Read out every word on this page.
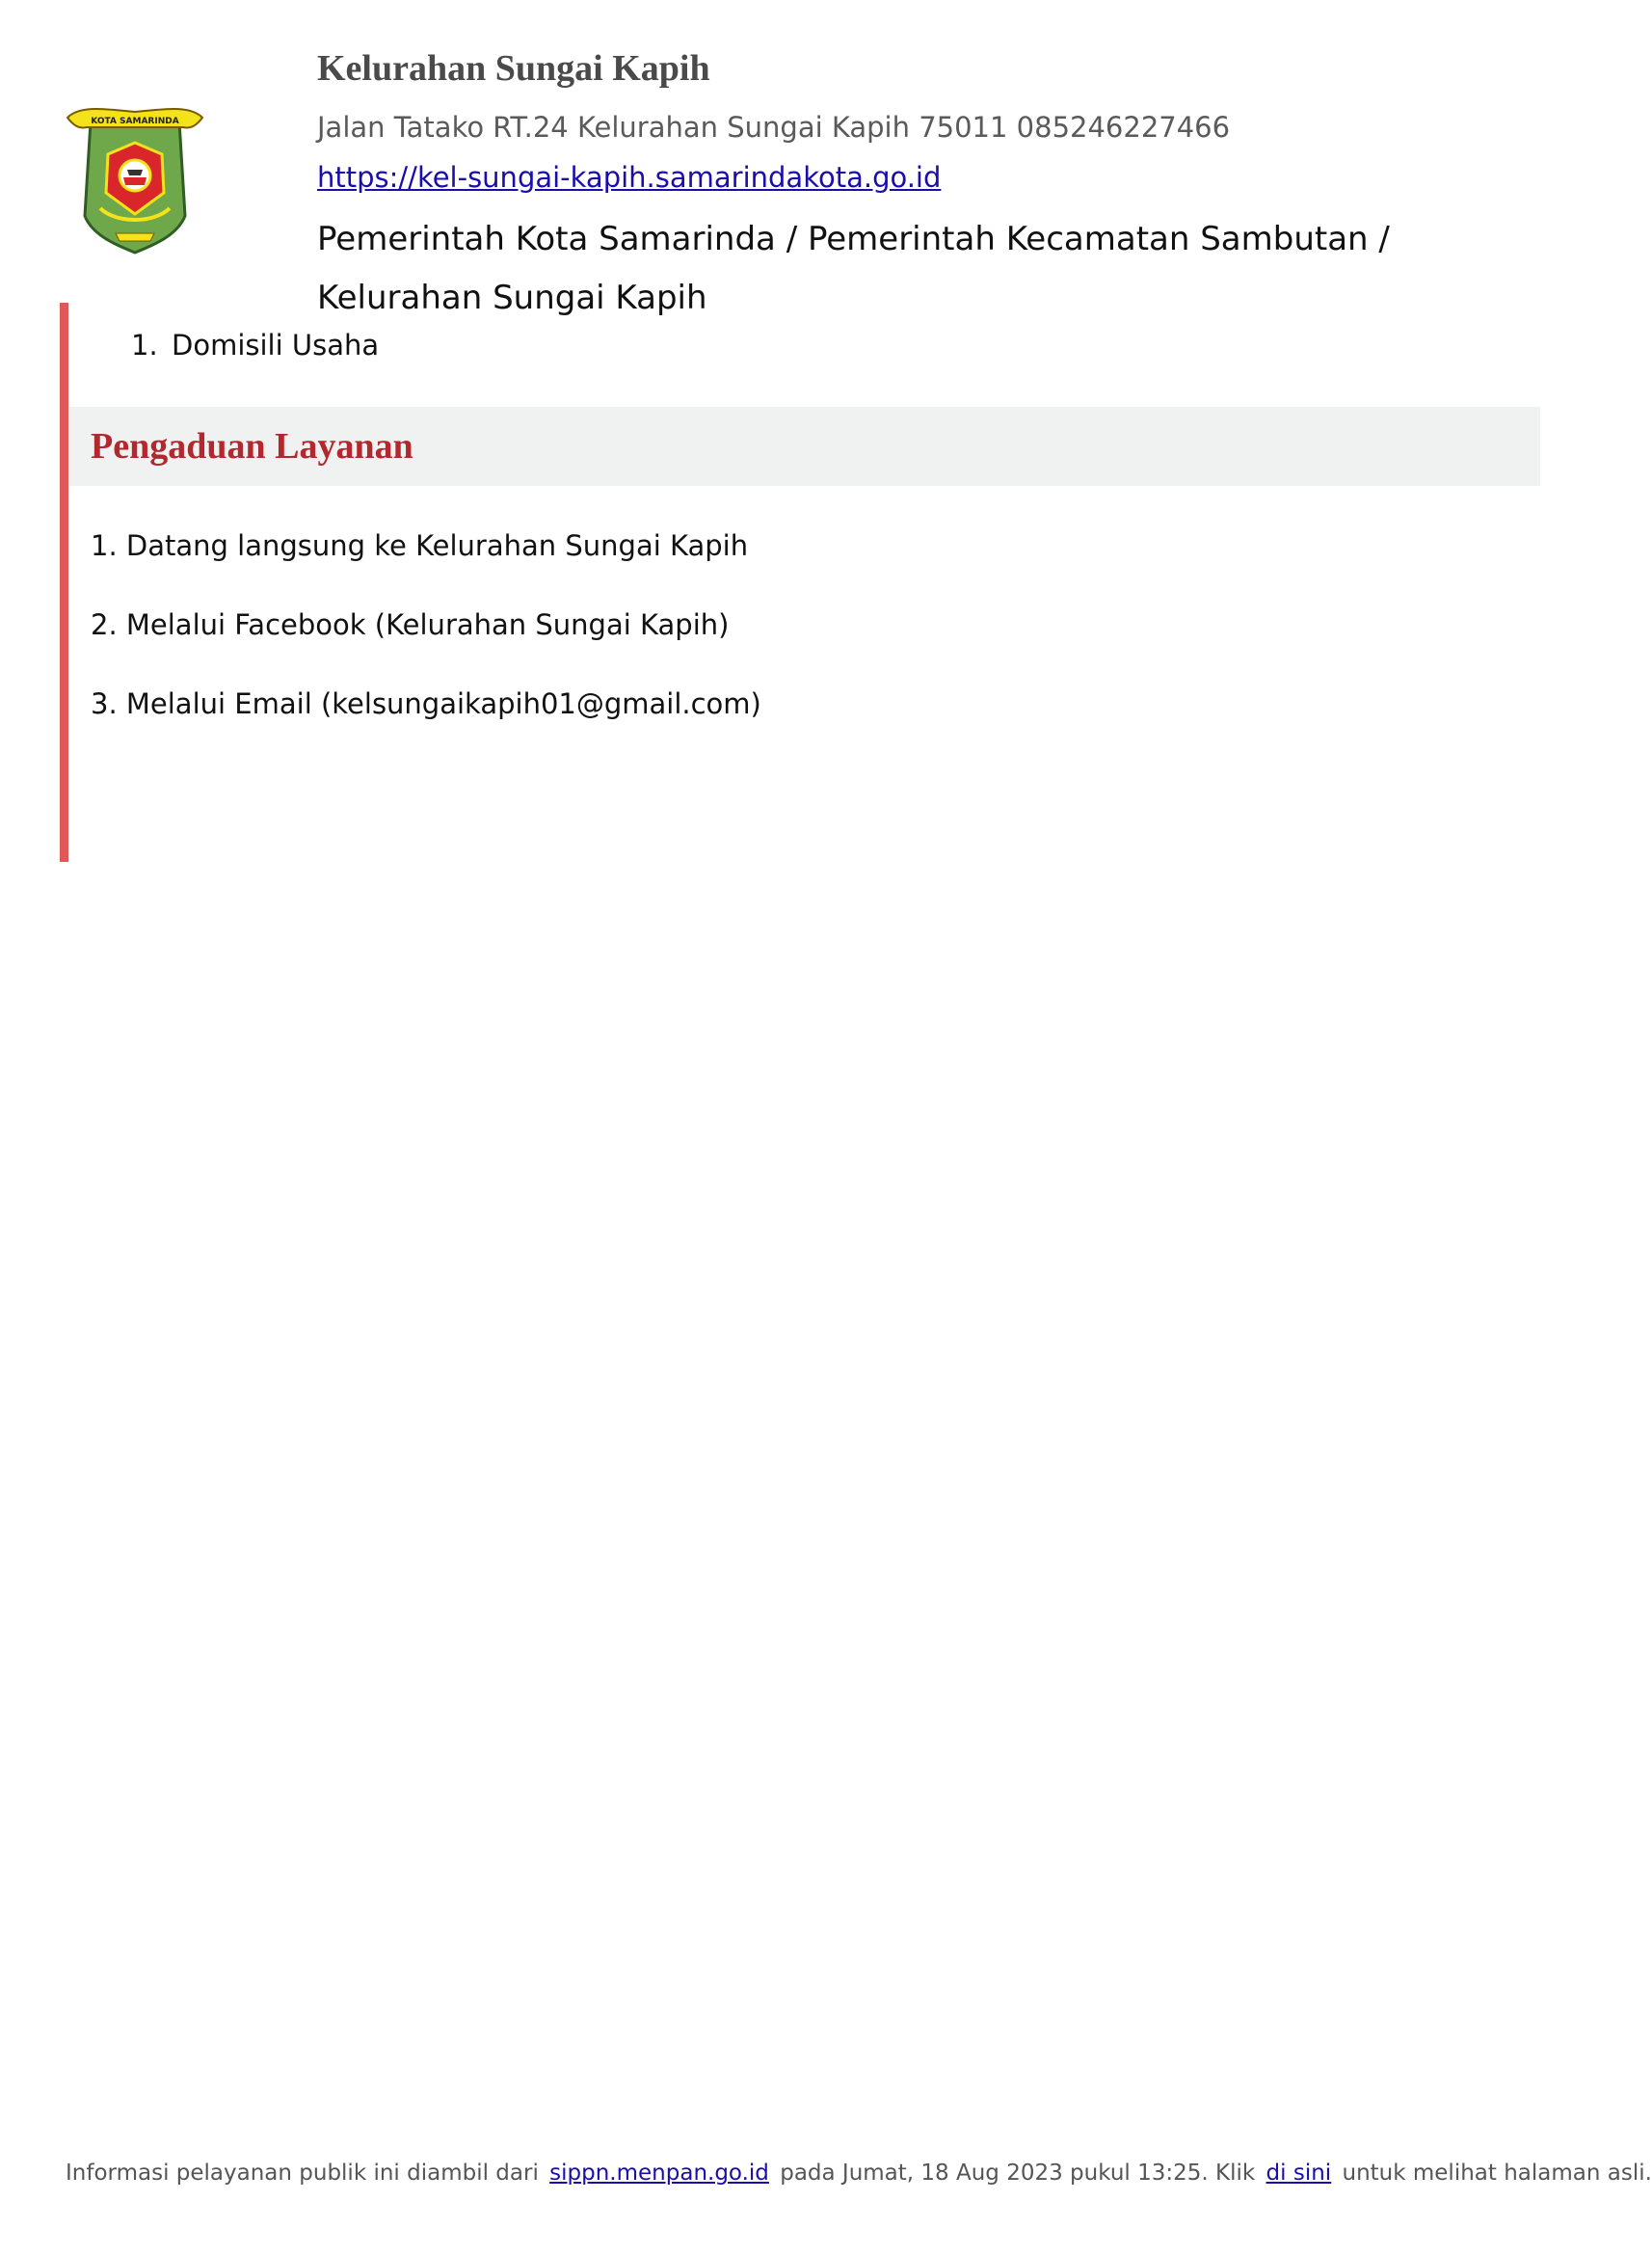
KOTA SAMARINDA
Kelurahan Sungai Kapih
Jalan Tatako RT.24 Kelurahan Sungai Kapih 75011 085246227466
https://kel-sungai-kapih.samarindakota.go.id
Pemerintah Kota Samarinda / Pemerintah Kecamatan Sambutan / Kelurahan Sungai Kapih
1. Domisili Usaha
Pengaduan Layanan
1. Datang langsung ke Kelurahan Sungai Kapih
2. Melalui Facebook (Kelurahan Sungai Kapih)
3. Melalui Email (kelsungaikapih01@gmail.com)
Informasi pelayanan publik ini diambil dari sippn.menpan.go.id pada Jumat, 18 Aug 2023 pukul 13:25. Klik di sini untuk melihat halaman asli.
